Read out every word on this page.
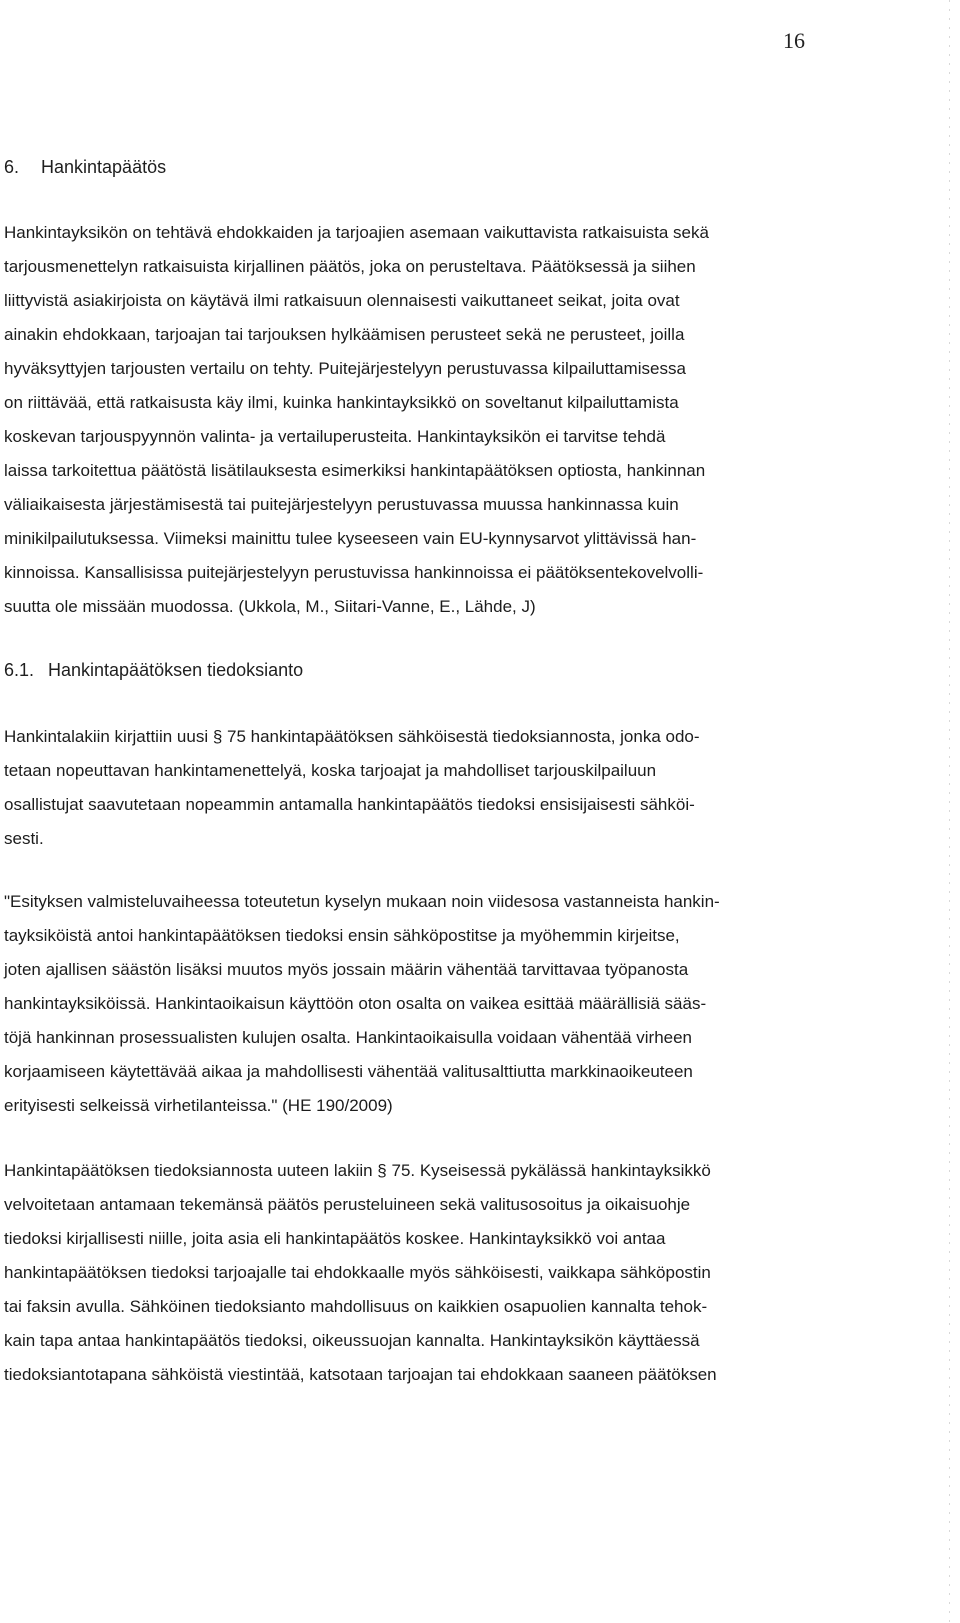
16
6. Hankintapäätös
Hankintayksikön on tehtävä ehdokkaiden ja tarjoajien asemaan vaikuttavista ratkaisuista sekä
tarjousmenettelyn ratkaisuista kirjallinen päätös, joka on perusteltava. Päätöksessä ja siihen
liittyvistä asiakirjoista on käytävä ilmi ratkaisuun olennaisesti vaikuttaneet seikat, joita ovat
ainakin ehdokkaan, tarjoajan tai tarjouksen hylkäämisen perusteet sekä ne perusteet, joilla
hyväksyttyjen tarjousten vertailu on tehty. Puitejärjestelyyn perustuvassa kilpailuttamisessa
on riittävää, että ratkaisusta käy ilmi, kuinka hankintayksikkö on soveltanut kilpailuttamista
koskevan tarjouspyynnön valinta- ja vertailuperusteita. Hankintayksikön ei tarvitse tehdä
laissa tarkoitettua päätöstä lisätilauksesta esimerkiksi hankintapäätöksen optiosta, hankinnan
väliaikaisesta järjestämisestä tai puitejärjestelyyn perustuvassa muussa hankinnassa kuin
minikilpailutuksessa. Viimeksi mainittu tulee kyseeseen vain EU-kynnysarvot ylittävissä han-
kinnoissa. Kansallisissa puitejärjestelyyn perustuvissa hankinnoissa ei päätöksentekovelvolli-
suutta ole missään muodossa. (Ukkola, M., Siitari-Vanne, E., Lähde, J)
6.1. Hankintapäätöksen tiedoksianto
Hankintalakiin kirjattiin uusi § 75 hankintapäätöksen sähköisestä tiedoksiannosta, jonka odo-
tetaan nopeuttavan hankintamenettelyä, koska tarjoajat ja mahdolliset tarjouskilpailuun
osallistujat saavutetaan nopeammin antamalla hankintapäätös tiedoksi ensisijaisesti sähköi-
sesti.
"Esityksen valmisteluvaiheessa toteutetun kyselyn mukaan noin viidesosa vastanneista hankin-
tayksiköistä antoi hankintapäätöksen tiedoksi ensin sähköpostitse ja myöhemmin kirjeitse,
joten ajallisen säästön lisäksi muutos myös jossain määrin vähentää tarvittavaa työpanosta
hankintayksiköissä. Hankintaoikaisun käyttöön oton osalta on vaikea esittää määrällisiä sääs-
töjä hankinnan prosessualisten kulujen osalta. Hankintaoikaisulla voidaan vähentää virheen
korjaamiseen käytettävää aikaa ja mahdollisesti vähentää valitusalttiutta markkinaoikeuteen
erityisesti selkeissä virhetilanteissa." (HE 190/2009)
Hankintapäätöksen tiedoksiannosta uuteen lakiin § 75. Kyseisessä pykälässä hankintayksikkö
velvoitetaan antamaan tekemänsä päätös perusteluineen sekä valitusosoitus ja oikaisuohje
tiedoksi kirjallisesti niille, joita asia eli hankintapäätös koskee. Hankintayksikkö voi antaa
hankintapäätöksen tiedoksi tarjoajalle tai ehdokkaalle myös sähköisesti, vaikkapa sähköpostin
tai faksin avulla. Sähköinen tiedoksianto mahdollisuus on kaikkien osapuolien kannalta tehok-
kain tapa antaa hankintapäätös tiedoksi, oikeussuojan kannalta. Hankintayksikön käyttäessä
tiedoksiantotapana sähköistä viestintää, katsotaan tarjoajan tai ehdokkaan saaneen päätöksen
